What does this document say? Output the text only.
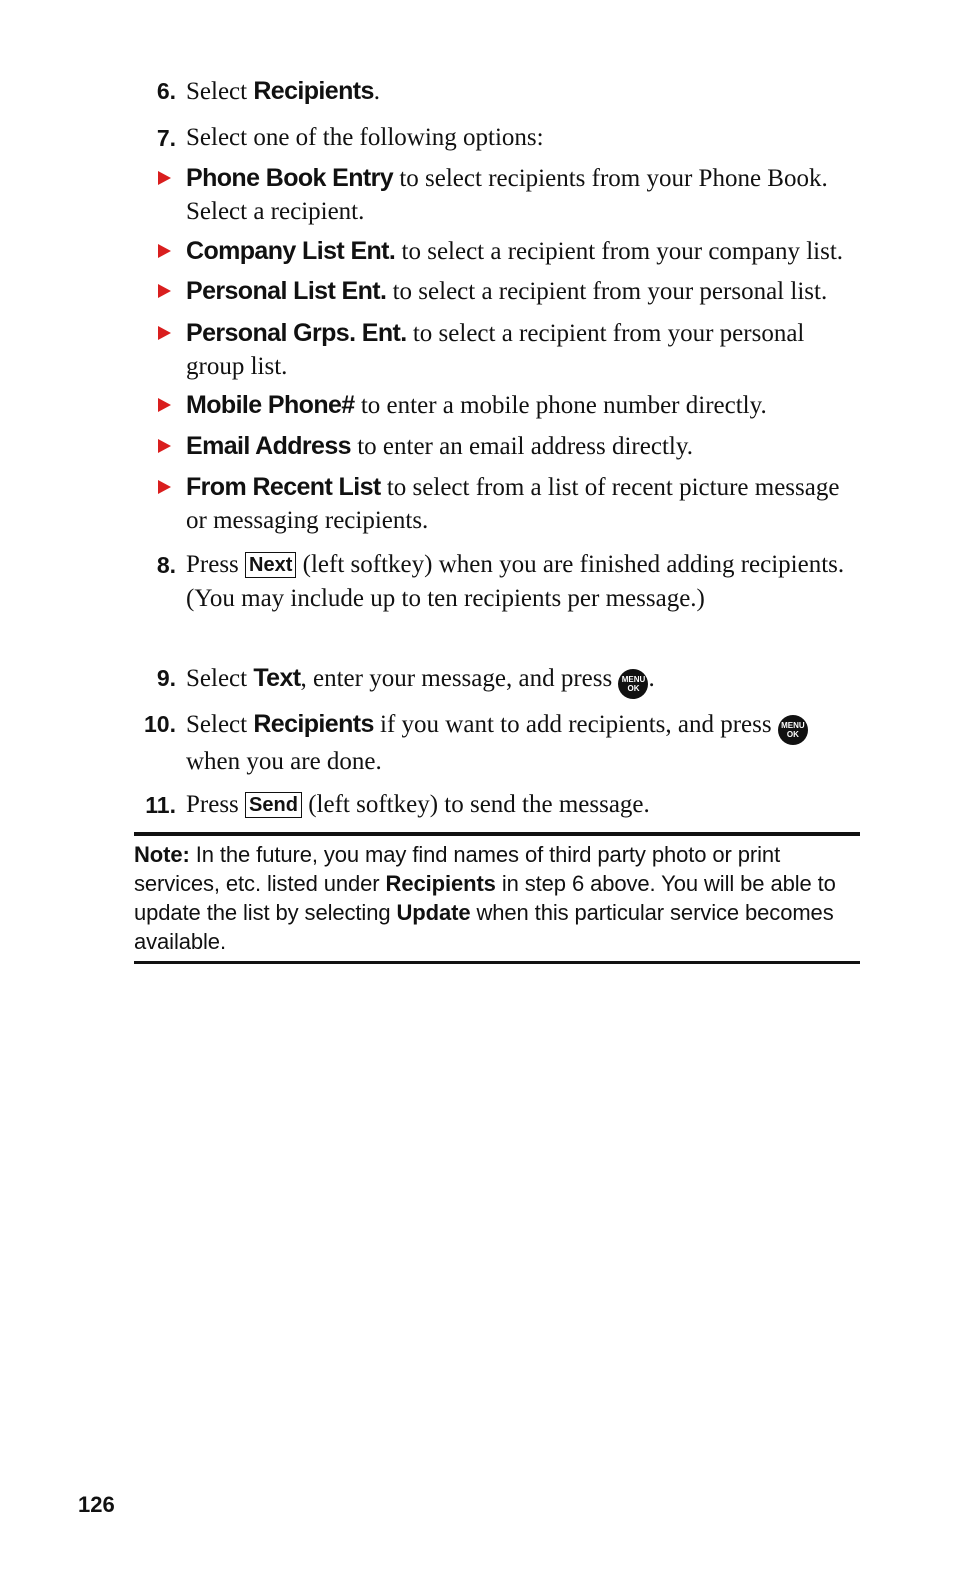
6. Select Recipients.
7. Select one of the following options:
Phone Book Entry to select recipients from your Phone Book. Select a recipient.
Company List Ent. to select a recipient from your company list.
Personal List Ent. to select a recipient from your personal list.
Personal Grps. Ent. to select a recipient from your personal group list.
Mobile Phone# to enter a mobile phone number directly.
Email Address to enter an email address directly.
From Recent List to select from a list of recent picture message or messaging recipients.
8. Press Next (left softkey) when you are finished adding recipients. (You may include up to ten recipients per message.)
9. Select Text, enter your message, and press MENU
OK .
10. Select Recipients if you want to add recipients, and press MENU
OK when you are done.
11. Press Send (left softkey) to send the message.
Note: In the future, you may find names of third party photo or print services, etc. listed under Recipients in step 6 above. You will be able to update the list by selecting Update when this particular service becomes available.
126
